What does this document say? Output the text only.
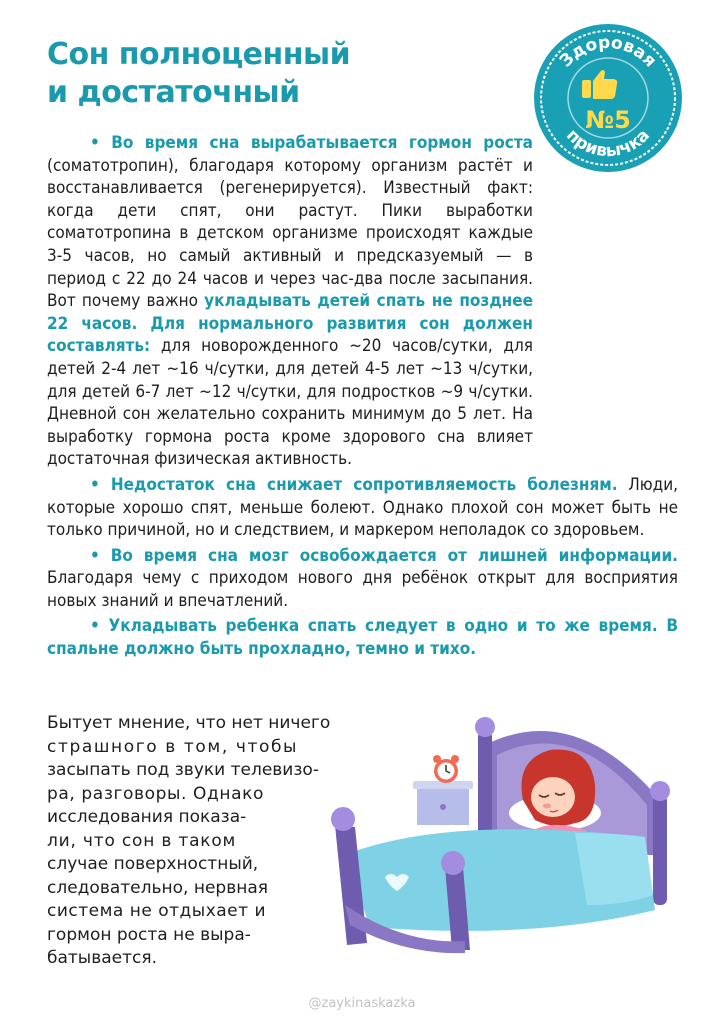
Сон полноценный
и достаточный
Здоровая
№5
привычка

• Во время сна вырабатывается гормон роста (соматотропин), благодаря которому организм растёт и восстанавливается (регенерируется). Известный факт: когда дети спят, они растут. Пики выработки соматотропина в детском организме происходят каждые 3-5 часов, но самый активный и предсказуемый — в период с 22 до 24 часов и через час-два после засыпания. Вот почему важно укладывать детей спать не позднее 22 часов. Для нормального развития сон должен составлять: для новорожденного ~20 часов/сутки, для детей 2-4 лет ~16 ч/сутки, для детей 4-5 лет ~13 ч/сутки, для детей 6-7 лет ~12 ч/сутки, для подростков ~9 ч/сутки. Дневной сон желательно сохранить минимум до 5 лет. На выработку гормона роста кроме здорового сна влияет достаточная физическая активность.

• Недостаток сна снижает сопротивляемость болезням. Люди, которые хорошо спят, меньше болеют. Однако плохой сон может быть не только причиной, но и следствием, и маркером неполадок со здоровьем.

• Во время сна мозг освобождается от лишней информации. Благодаря чему с приходом нового дня ребёнок открыт для восприятия новых знаний и впечатлений.

• Укладывать ребенка спать следует в одно и то же время. В спальне должно быть прохладно, темно и тихо.

Бытует мнение, что нет ничего
страшного в том, чтобы
засыпать под звуки телевизо-
ра, разговоры. Однако
исследования показа-
ли, что сон в таком
случае поверхностный,
следовательно, нервная
система не отдыхает и
гормон роста не выра-
батывается.
@zaykinaskazka
